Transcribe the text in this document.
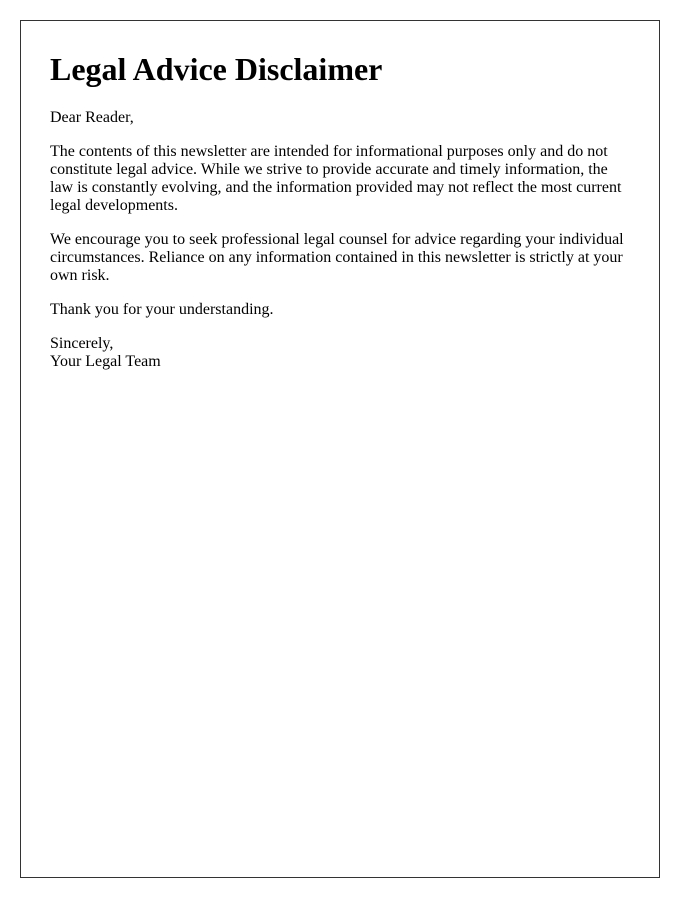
Legal Advice Disclaimer

Dear Reader,

The contents of this newsletter are intended for informational purposes only and do not constitute legal advice. While we strive to provide accurate and timely information, the law is constantly evolving, and the information provided may not reflect the most current legal developments.

We encourage you to seek professional legal counsel for advice regarding your individual circumstances. Reliance on any information contained in this newsletter is strictly at your own risk.

Thank you for your understanding.

Sincerely,

Your Legal Team
